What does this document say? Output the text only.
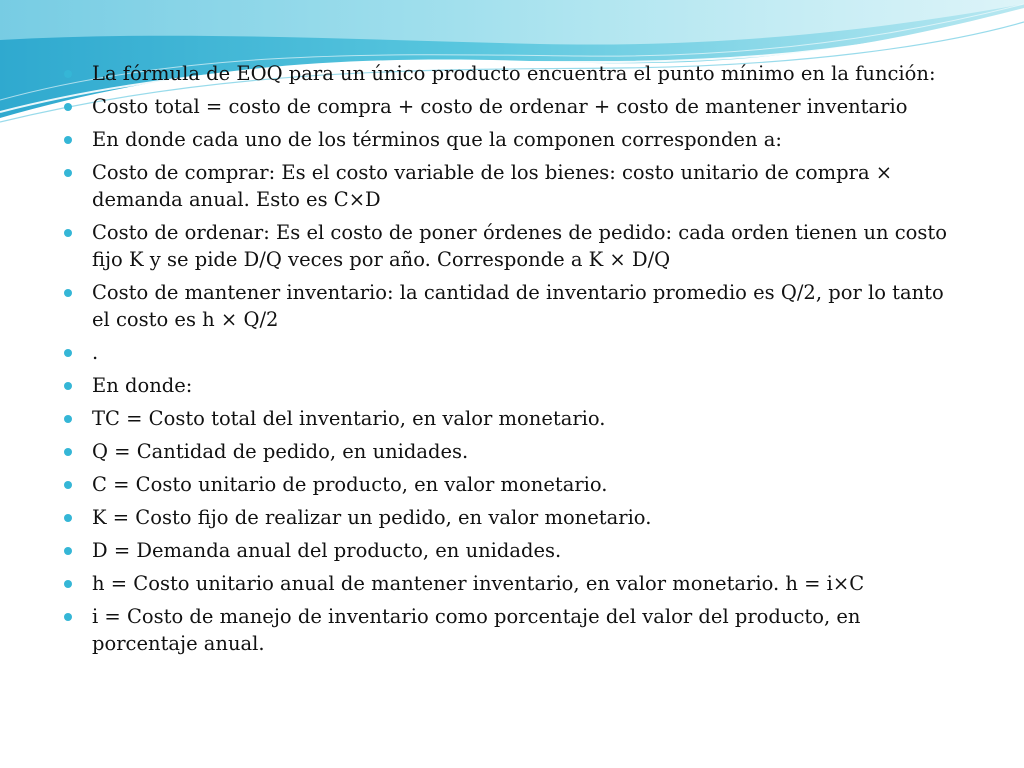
La fórmula de EOQ para un único producto encuentra el punto mínimo en la función:
Costo total = costo de compra + costo de ordenar + costo de mantener inventario
En donde cada uno de los términos que la componen corresponden a:
Costo de comprar: Es el costo variable de los bienes: costo unitario de compra × demanda anual. Esto es C×D
Costo de ordenar: Es el costo de poner órdenes de pedido: cada orden tienen un costo fijo K y se pide D/Q veces por año. Corresponde a K × D/Q
Costo de mantener inventario: la cantidad de inventario promedio es Q/2, por lo tanto el costo es h × Q/2
.
En donde:
TC = Costo total del inventario, en valor monetario.
Q = Cantidad de pedido, en unidades.
C = Costo unitario de producto, en valor monetario.
K = Costo fijo de realizar un pedido, en valor monetario.
D = Demanda anual del producto, en unidades.
h = Costo unitario anual de mantener inventario, en valor monetario. h = i×C
i = Costo de manejo de inventario como porcentaje del valor del producto, en porcentaje anual.
